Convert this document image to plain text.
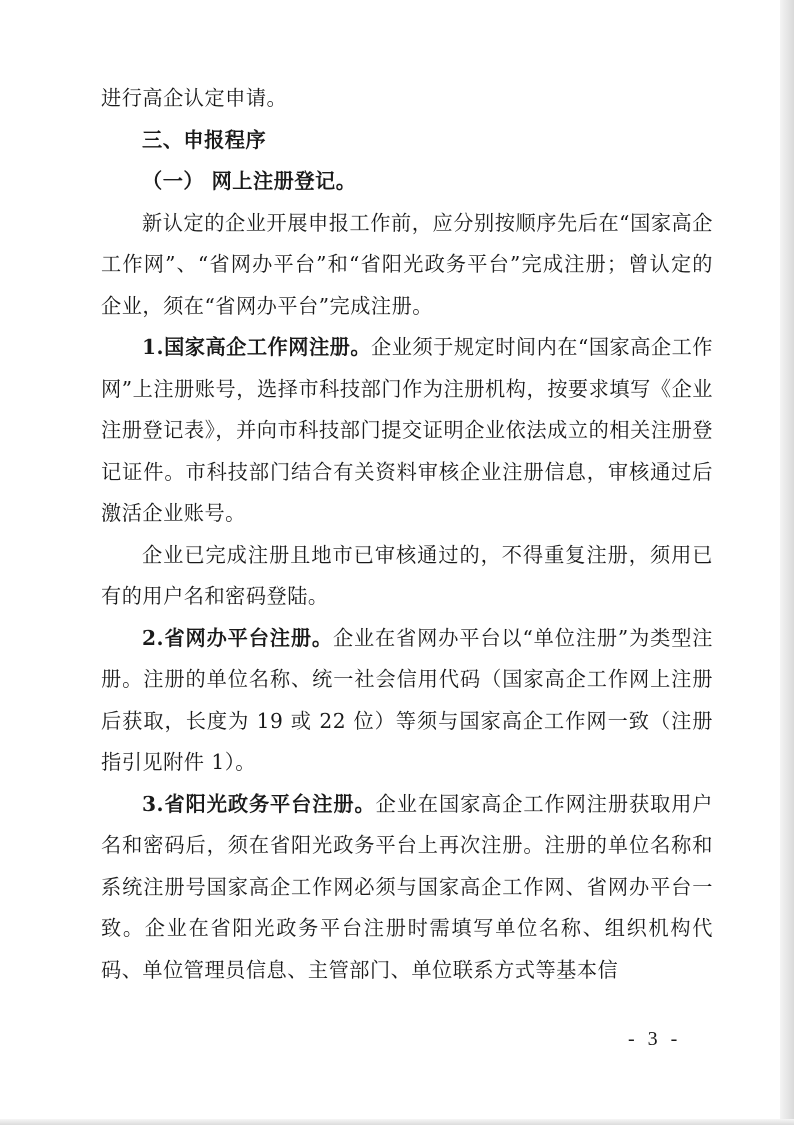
进行高企认定申请。

三、申报程序

（一） 网上注册登记。

新认定的企业开展申报工作前，应分别按顺序先后在“国家高企工作网”、“省网办平台”和“省阳光政务平台”完成注册；曾认定的企业，须在“省网办平台”完成注册。

1.国家高企工作网注册。企业须于规定时间内在“国家高企工作网”上注册账号，选择市科技部门作为注册机构，按要求填写《企业注册登记表》，并向市科技部门提交证明企业依法成立的相关注册登记证件。市科技部门结合有关资料审核企业注册信息，审核通过后激活企业账号。

企业已完成注册且地市已审核通过的，不得重复注册，须用已有的用户名和密码登陆。

2.省网办平台注册。企业在省网办平台以“单位注册”为类型注册。注册的单位名称、统一社会信用代码（国家高企工作网上注册后获取，长度为 19 或 22 位）等须与国家高企工作网一致（注册指引见附件 1）。

3.省阳光政务平台注册。企业在国家高企工作网注册获取用户名和密码后，须在省阳光政务平台上再次注册。注册的单位名称和系统注册号国家高企工作网必须与国家高企工作网、省网办平台一致。企业在省阳光政务平台注册时需填写单位名称、组织机构代码、单位管理员信息、主管部门、单位联系方式等基本信

- 3 -
